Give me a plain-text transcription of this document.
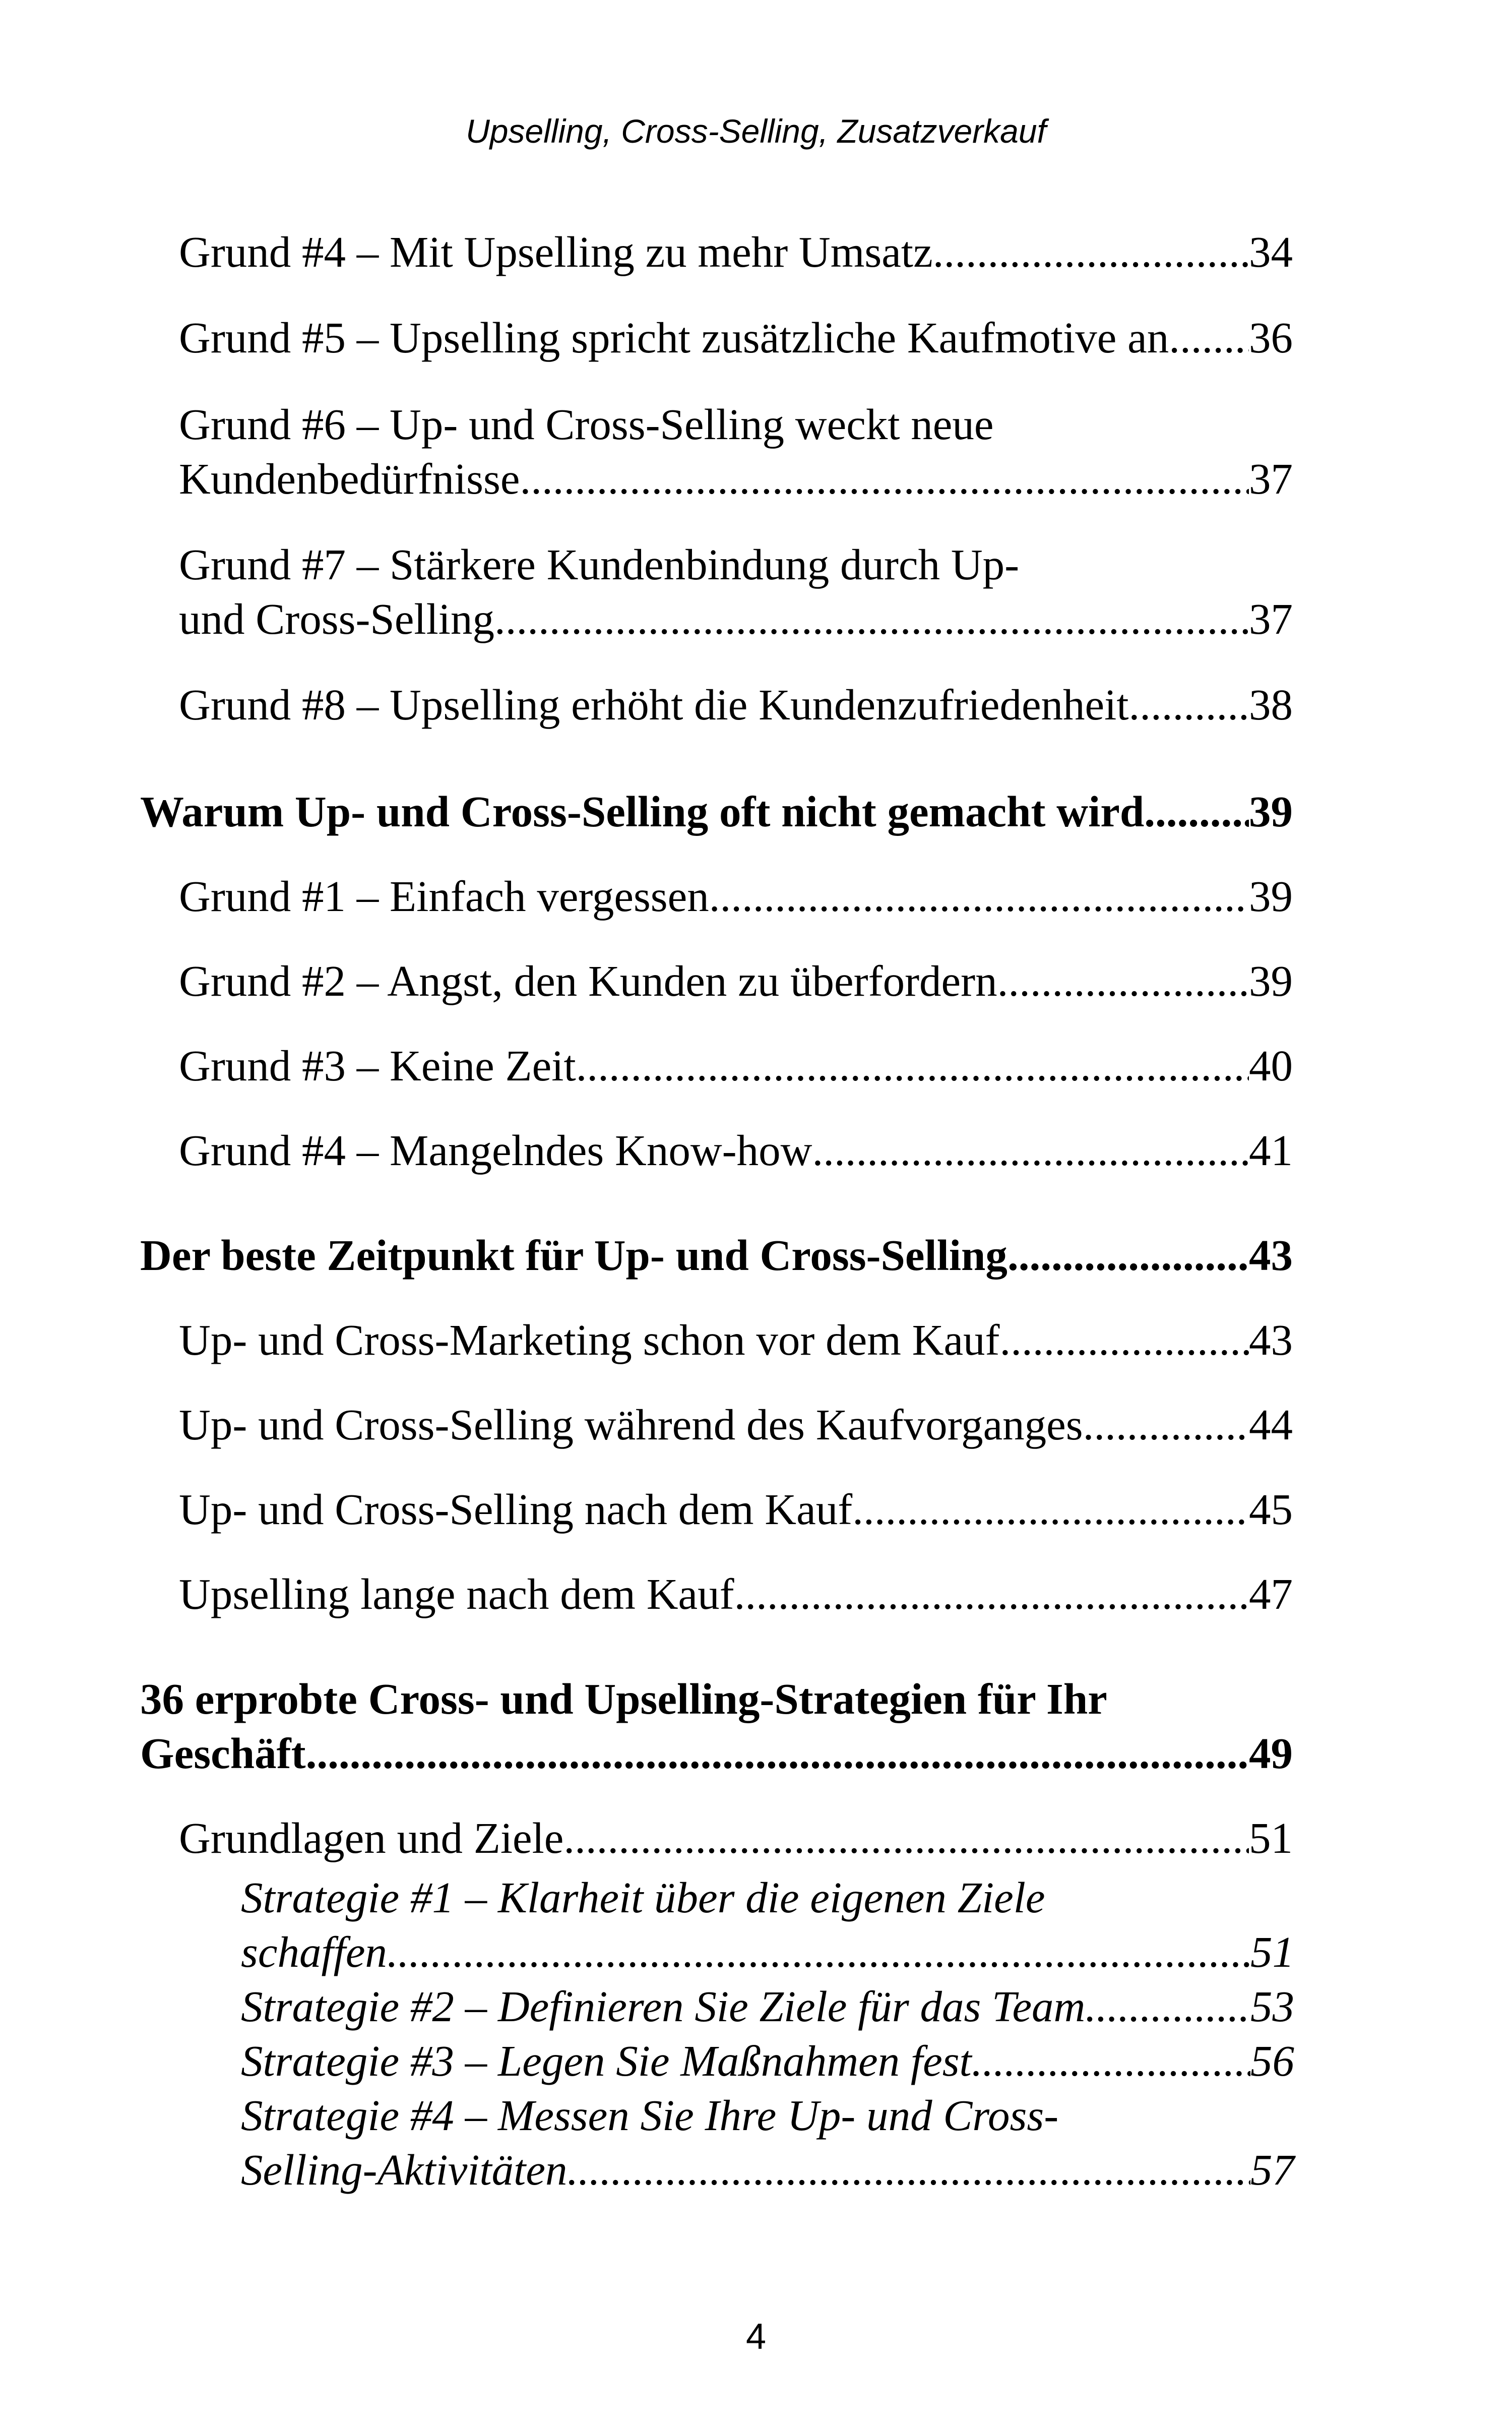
Upselling, Cross-Selling, Zusatzverkauf
Grund #4 – Mit Upselling zu mehr Umsatz .....	34
Grund #5 – Upselling spricht zusätzliche Kaufmotive an ..... 36
Grund #6 – Up- und Cross-Selling weckt neue
Kundenbedürfnisse .....	37
Grund #7 – Stärkere Kundenbindung durch Up-
und Cross-Selling .....	37
Grund #8 – Upselling erhöht die Kundenzufriedenheit .....	38
Warum Up- und Cross-Selling oft nicht gemacht wird ..... 39
Grund #1 – Einfach vergessen .....	39
Grund #2 – Angst, den Kunden zu überfordern .....	39
Grund #3 – Keine Zeit .....	40
Grund #4 – Mangelndes Know-how .....	41
Der beste Zeitpunkt für Up- und Cross-Selling .....	43
Up- und Cross-Marketing schon vor dem Kauf .....	43
Up- und Cross-Selling während des Kaufvorganges .....	44
Up- und Cross-Selling nach dem Kauf .....	45
Upselling lange nach dem Kauf .....	47
36 erprobte Cross- und Upselling-Strategien für Ihr
Geschäft .....	49
Grundlagen und Ziele .....	51
Strategie #1 – Klarheit über die eigenen Ziele
schaffen .....	51
Strategie #2 – Definieren Sie Ziele für das Team .....	53
Strategie #3 – Legen Sie Maßnahmen fest .....	56
Strategie #4 – Messen Sie Ihre Up- und Cross-
Selling-Aktivitäten .....	57
4
